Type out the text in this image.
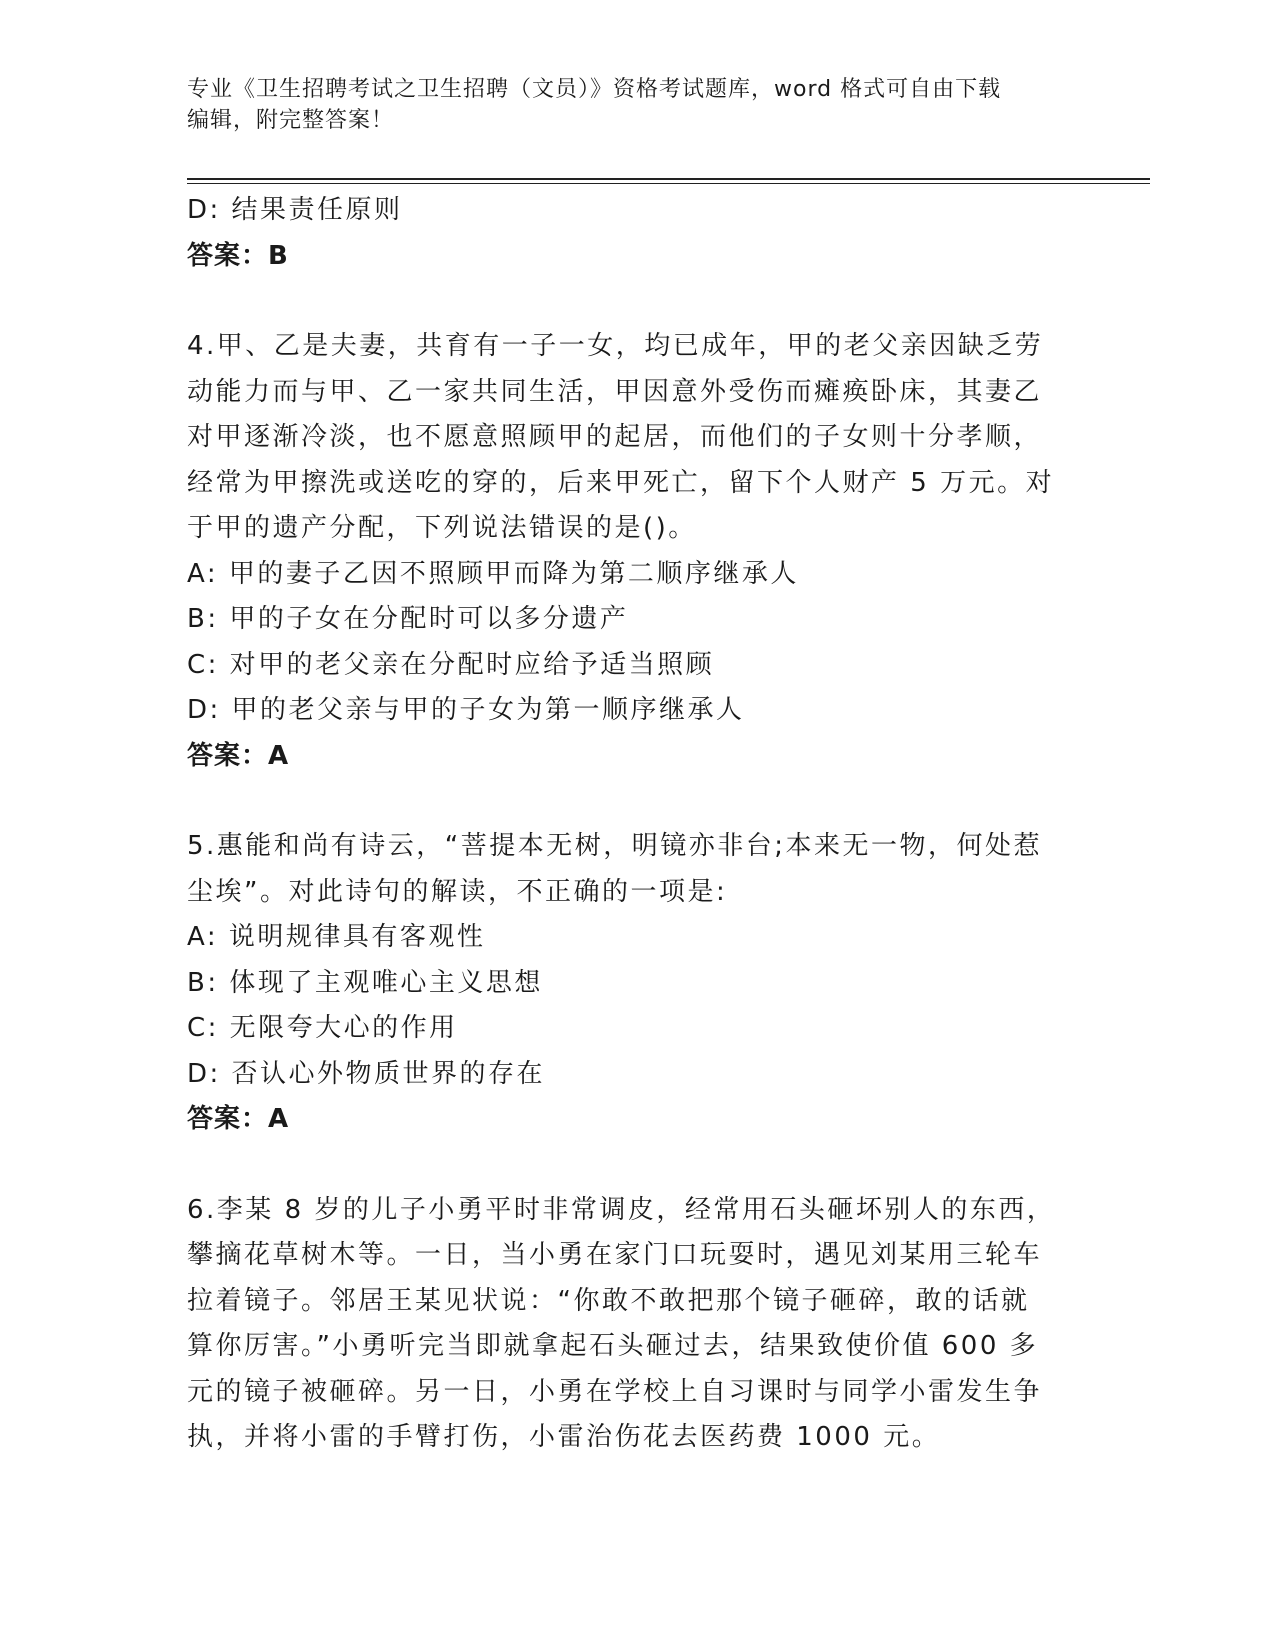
专业《卫生招聘考试之卫生招聘（文员）》资格考试题库，word 格式可自由下载
编辑，附完整答案！
D: 结果责任原则
答案：B
4.甲、乙是夫妻，共育有一子一女，均已成年，甲的老父亲因缺乏劳
动能力而与甲、乙一家共同生活，甲因意外受伤而瘫痪卧床，其妻乙
对甲逐渐冷淡，也不愿意照顾甲的起居，而他们的子女则十分孝顺，
经常为甲擦洗或送吃的穿的，后来甲死亡，留下个人财产 5 万元。对
于甲的遗产分配，下列说法错误的是()。
A: 甲的妻子乙因不照顾甲而降为第二顺序继承人
B: 甲的子女在分配时可以多分遗产
C: 对甲的老父亲在分配时应给予适当照顾
D: 甲的老父亲与甲的子女为第一顺序继承人
答案：A
5.惠能和尚有诗云，“菩提本无树，明镜亦非台;本来无一物，何处惹
尘埃”。对此诗句的解读，不正确的一项是:
A: 说明规律具有客观性
B: 体现了主观唯心主义思想
C: 无限夸大心的作用
D: 否认心外物质世界的存在
答案：A
6.李某 8 岁的儿子小勇平时非常调皮，经常用石头砸坏别人的东西，
攀摘花草树木等。一日，当小勇在家门口玩耍时，遇见刘某用三轮车
拉着镜子。邻居王某见状说：“你敢不敢把那个镜子砸碎，敢的话就
算你厉害。”小勇听完当即就拿起石头砸过去，结果致使价值 600 多
元的镜子被砸碎。另一日，小勇在学校上自习课时与同学小雷发生争
执，并将小雷的手臂打伤，小雷治伤花去医药费 1000 元。
